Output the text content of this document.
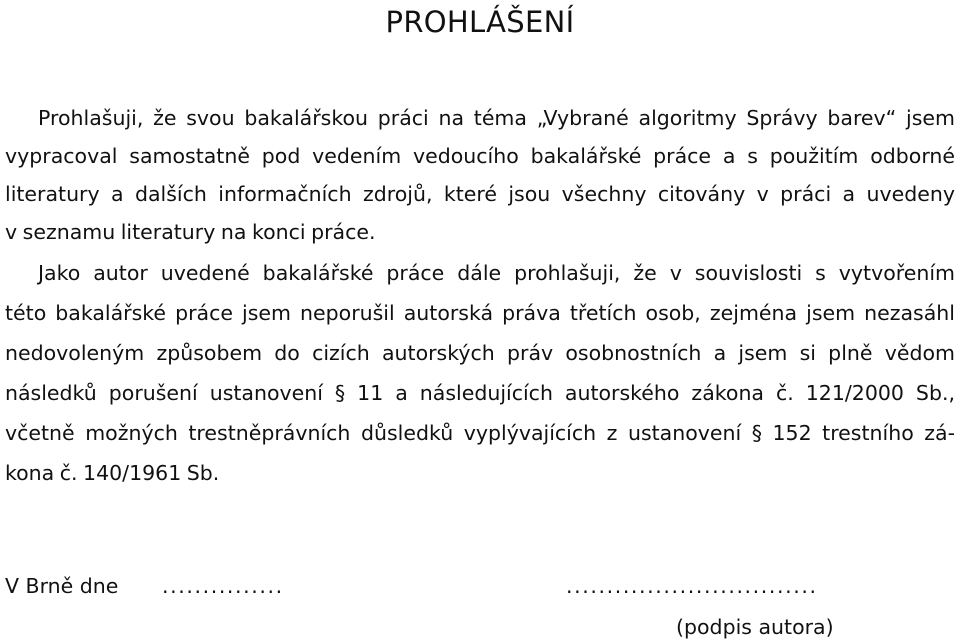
PROHLÁŠENÍ
Prohlašuji, že svou bakalářskou práci na téma „Vybrané algoritmy Správy barev“ jsem
vypracoval samostatně pod vedením vedoucího bakalářské práce a s použitím odborné
literatury a dalších informačních zdrojů, které jsou všechny citovány v práci a uvedeny
v seznamu literatury na konci práce.
Jako autor uvedené bakalářské práce dále prohlašuji, že v souvislosti s vytvořením
této bakalářské práce jsem neporušil autorská práva třetích osob, zejména jsem nezasáhl
nedovoleným způsobem do cizích autorských práv osobnostních a jsem si plně vědom
následků porušení ustanovení § 11 a následujících autorského zákona č. 121/2000 Sb.,
včetně možných trestněprávních důsledků vyplývajících z ustanovení § 152 trestního zá-
kona č. 140/1961 Sb.
V Brně dne ...............	...............................
(podpis autora)
